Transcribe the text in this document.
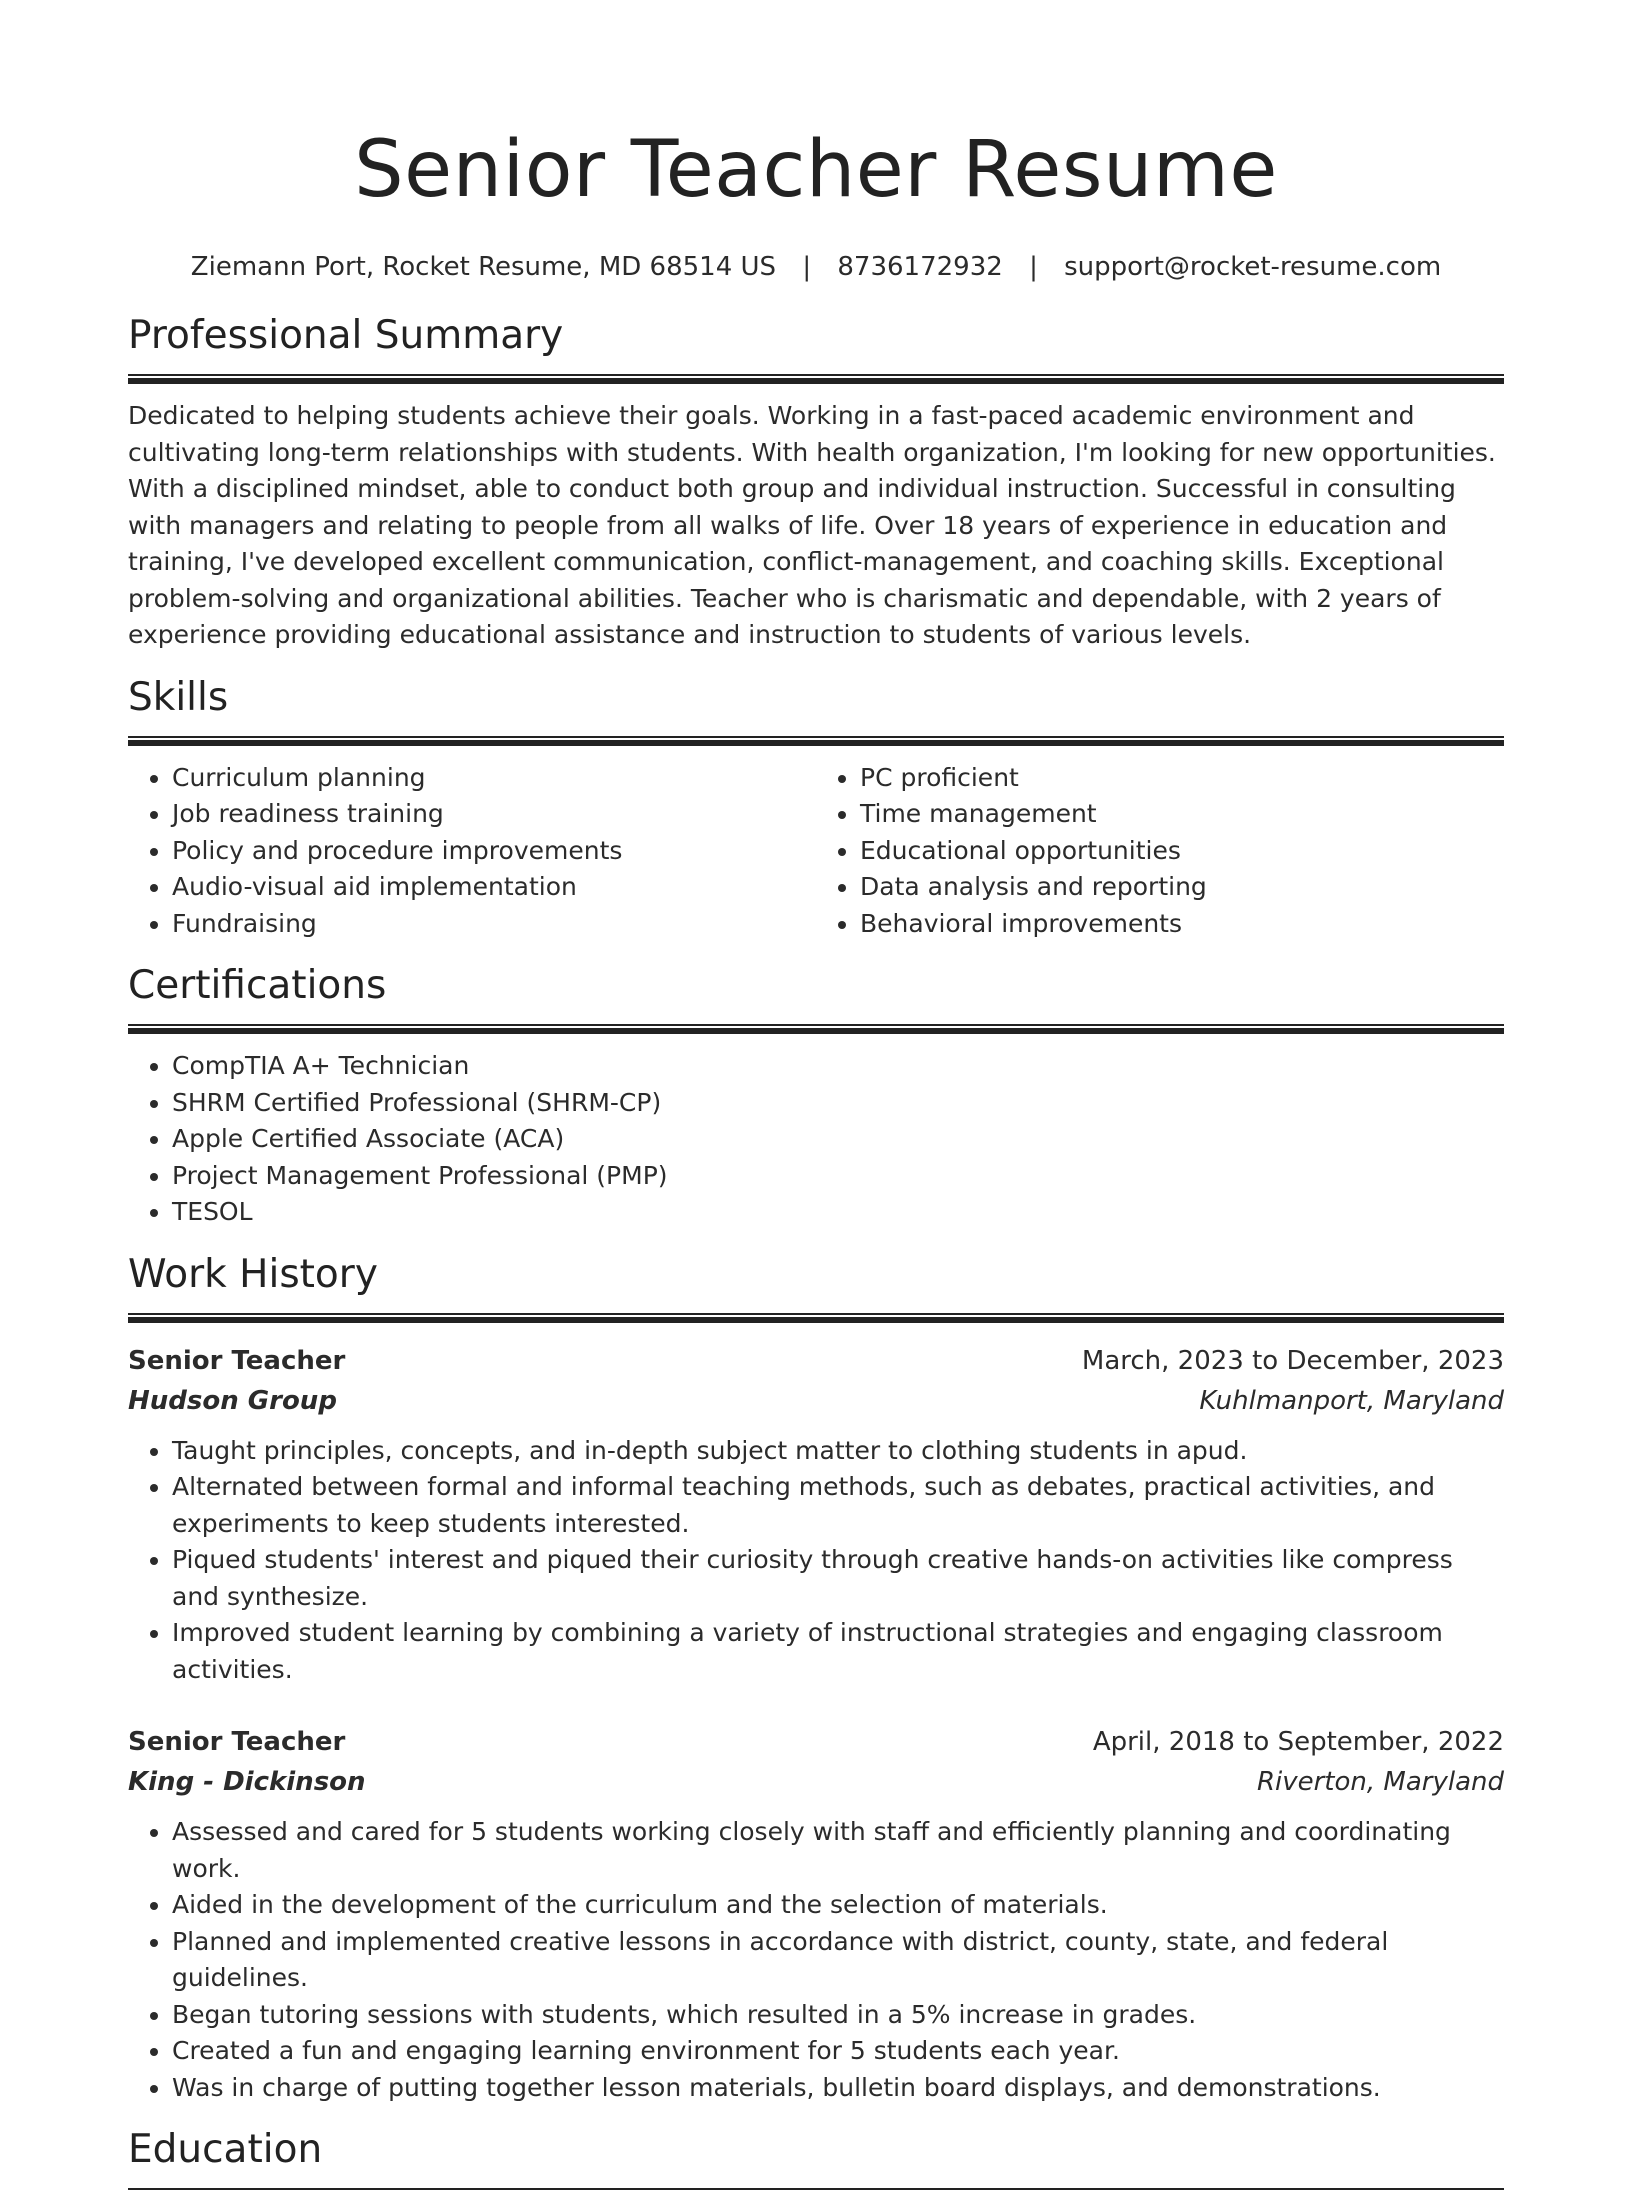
Senior Teacher Resume
Ziemann Port, Rocket Resume, MD 68514 US | 8736172932 | support@rocket-resume.com
Professional Summary

Dedicated to helping students achieve their goals. Working in a fast-paced academic environment and cultivating long-term relationships with students. With health organization, I'm looking for new opportunities. With a disciplined mindset, able to conduct both group and individual instruction. Successful in consulting with managers and relating to people from all walks of life. Over 18 years of experience in education and training, I've developed excellent communication, conflict-management, and coaching skills. Exceptional problem-solving and organizational abilities. Teacher who is charismatic and dependable, with 2 years of experience providing educational assistance and instruction to students of various levels.

Skills
• Curriculum planning
• Job readiness training
• Policy and procedure improvements
• Audio-visual aid implementation
• Fundraising
• PC proficient
• Time management
• Educational opportunities
• Data analysis and reporting
• Behavioral improvements
Certifications
• CompTIA A+ Technician
• SHRM Certified Professional (SHRM-CP)
• Apple Certified Associate (ACA)
• Project Management Professional (PMP)
• TESOL
Work History
Senior Teacher	March, 2023 to December, 2023
Hudson Group	Kuhlmanport, Maryland
• Taught principles, concepts, and in-depth subject matter to clothing students in apud.
• Alternated between formal and informal teaching methods, such as debates, practical activities, and experiments to keep students interested.
• Piqued students' interest and piqued their curiosity through creative hands-on activities like compress and synthesize.
• Improved student learning by combining a variety of instructional strategies and engaging classroom activities.
Senior Teacher	April, 2018 to September, 2022
King - Dickinson	Riverton, Maryland
• Assessed and cared for 5 students working closely with staff and efficiently planning and coordinating work.
• Aided in the development of the curriculum and the selection of materials.
• Planned and implemented creative lessons in accordance with district, county, state, and federal guidelines.
• Began tutoring sessions with students, which resulted in a 5% increase in grades.
• Created a fun and engaging learning environment for 5 students each year.
• Was in charge of putting together lesson materials, bulletin board displays, and demonstrations.
Education
